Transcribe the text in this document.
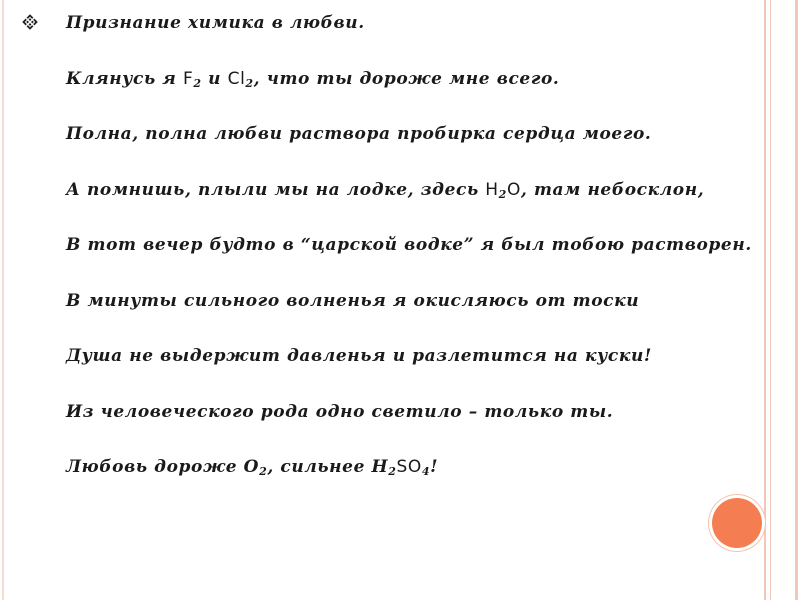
Признание химика в любви.
Клянусь я $F_2$ и $Cl_2$, что ты дороже мне всего.
Полна, полна любви раствора пробирка сердца моего.
А помнишь, плыли мы на лодке, здесь $H_2O$, там небосклон,
В тот вечер будто в “царской водке” я был тобою растворен.
В минуты сильного волненья я окисляюсь от тоски
Душа не выдержит давленья и разлетится на куски!
Из человеческого рода одно светило – только ты.
Любовь дороже $О_2$, сильнее $H_2SO_4$!
